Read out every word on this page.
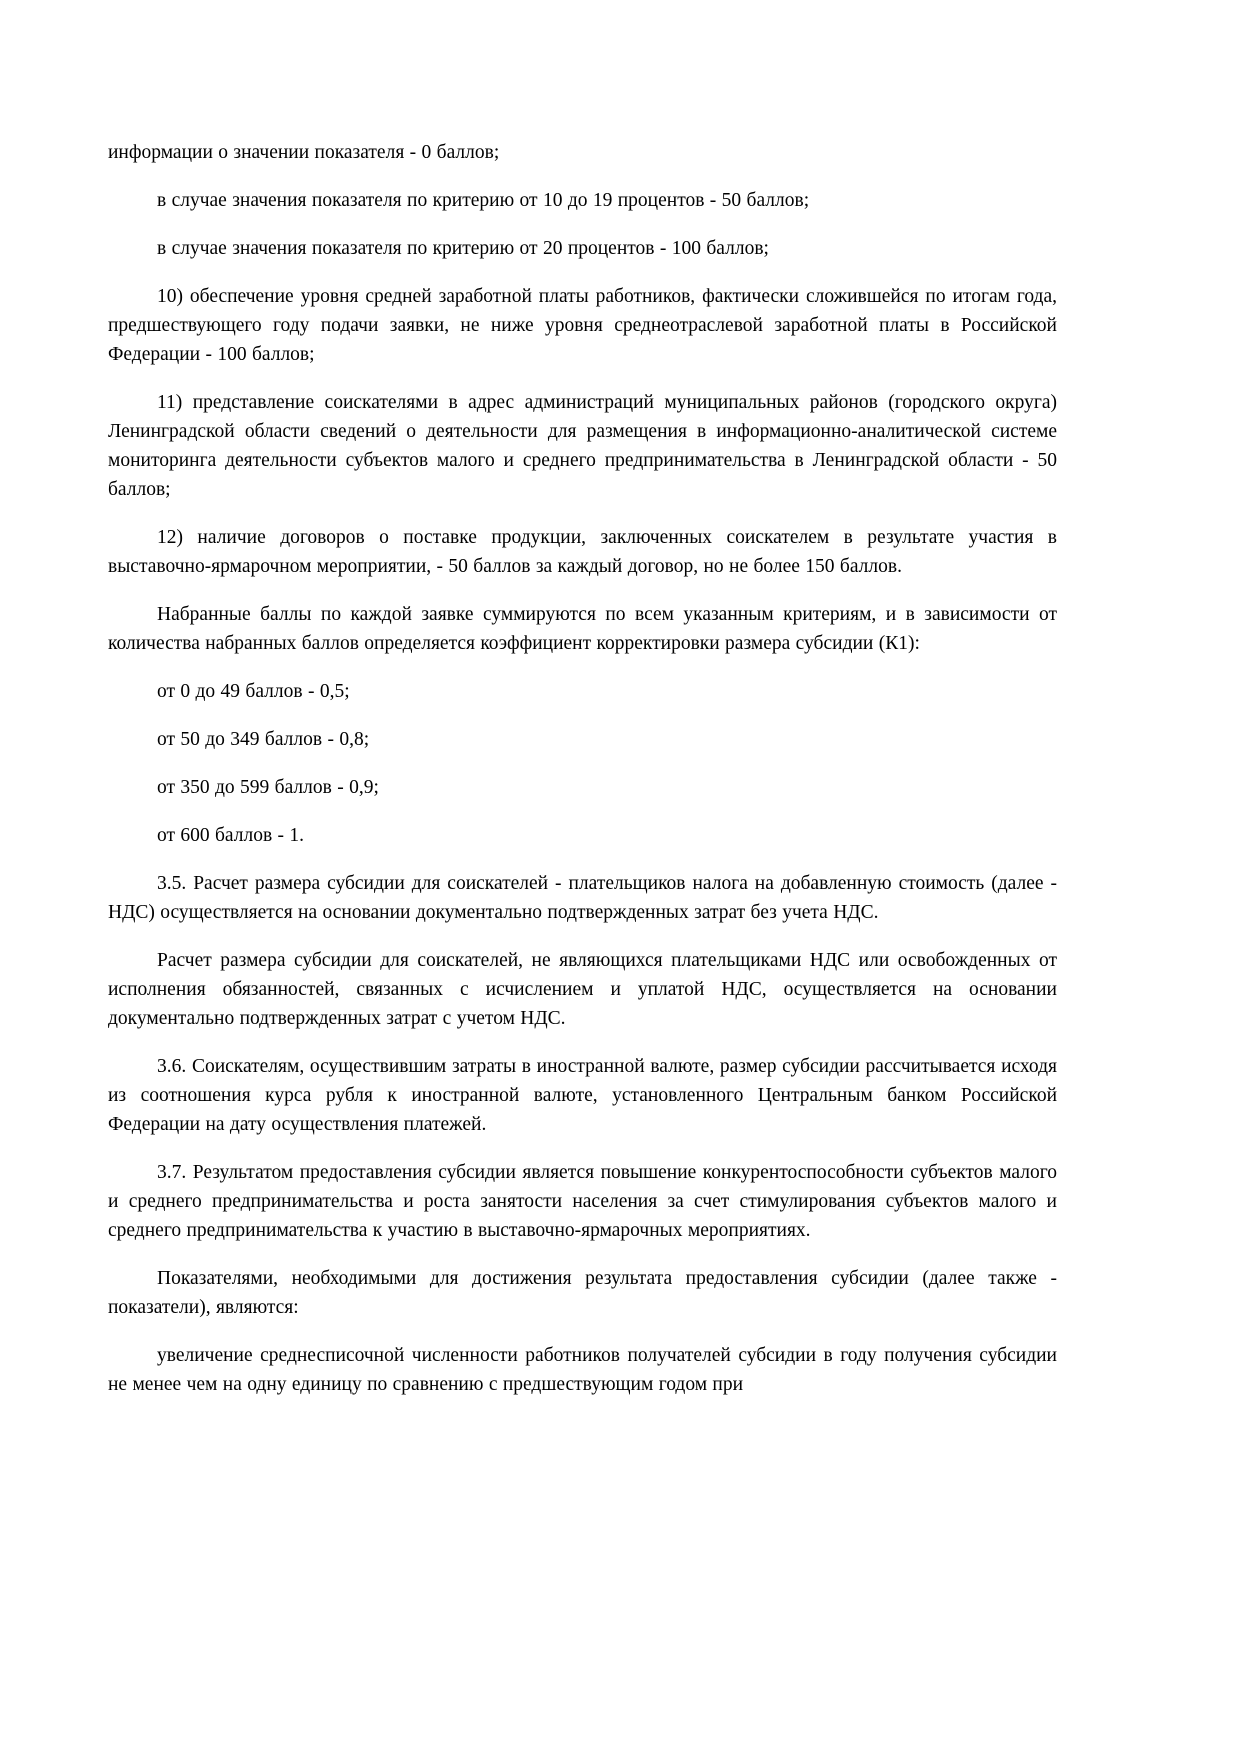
информации о значении показателя - 0 баллов;

в случае значения показателя по критерию от 10 до 19 процентов - 50 баллов;

в случае значения показателя по критерию от 20 процентов - 100 баллов;

10) обеспечение уровня средней заработной платы работников, фактически сложившейся по итогам года, предшествующего году подачи заявки, не ниже уровня среднеотраслевой заработной платы в Российской Федерации - 100 баллов;

11) представление соискателями в адрес администраций муниципальных районов (городского округа) Ленинградской области сведений о деятельности для размещения в информационно-аналитической системе мониторинга деятельности субъектов малого и среднего предпринимательства в Ленинградской области - 50 баллов;

12) наличие договоров о поставке продукции, заключенных соискателем в результате участия в выставочно-ярмарочном мероприятии, - 50 баллов за каждый договор, но не более 150 баллов.

Набранные баллы по каждой заявке суммируются по всем указанным критериям, и в зависимости от количества набранных баллов определяется коэффициент корректировки размера субсидии (К1):

от 0 до 49 баллов - 0,5;

от 50 до 349 баллов - 0,8;

от 350 до 599 баллов - 0,9;

от 600 баллов - 1.

3.5. Расчет размера субсидии для соискателей - плательщиков налога на добавленную стоимость (далее - НДС) осуществляется на основании документально подтвержденных затрат без учета НДС.

Расчет размера субсидии для соискателей, не являющихся плательщиками НДС или освобожденных от исполнения обязанностей, связанных с исчислением и уплатой НДС, осуществляется на основании документально подтвержденных затрат с учетом НДС.

3.6. Соискателям, осуществившим затраты в иностранной валюте, размер субсидии рассчитывается исходя из соотношения курса рубля к иностранной валюте, установленного Центральным банком Российской Федерации на дату осуществления платежей.

3.7. Результатом предоставления субсидии является повышение конкурентоспособности субъектов малого и среднего предпринимательства и роста занятости населения за счет стимулирования субъектов малого и среднего предпринимательства к участию в выставочно-ярмарочных мероприятиях.

Показателями, необходимыми для достижения результата предоставления субсидии (далее также - показатели), являются:

увеличение среднесписочной численности работников получателей субсидии в году получения субсидии не менее чем на одну единицу по сравнению с предшествующим годом при
